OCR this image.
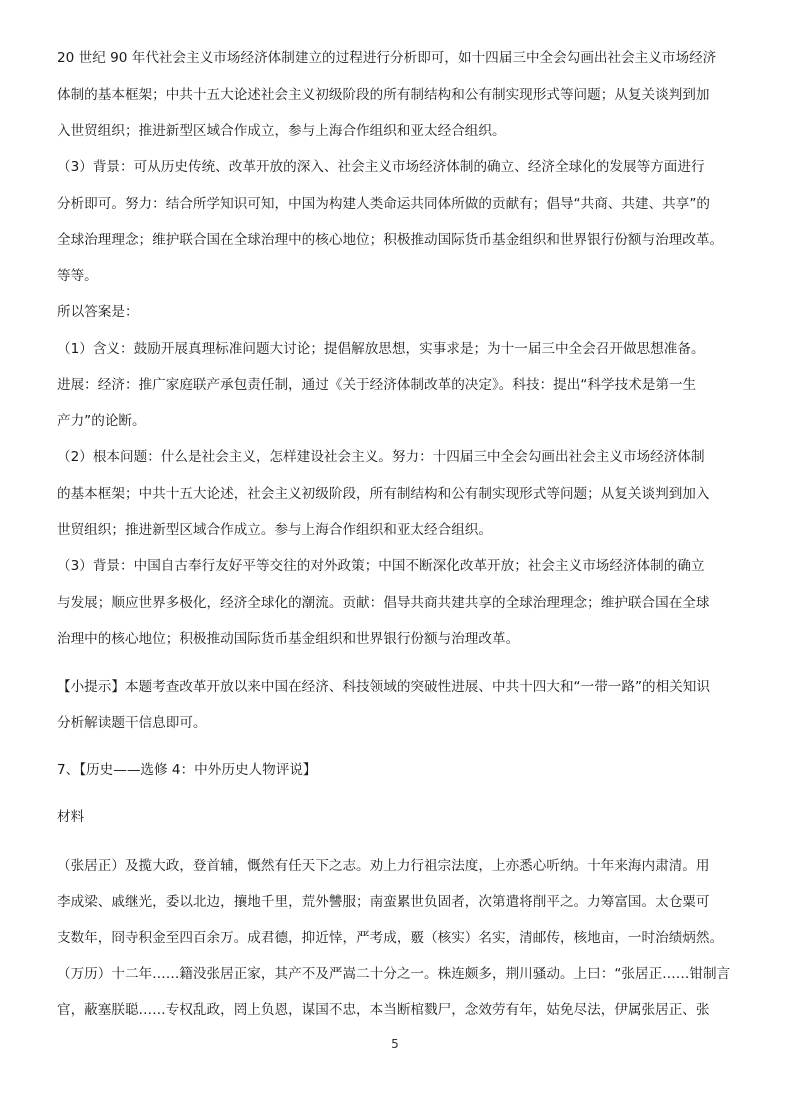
20 世纪 90 年代社会主义市场经济体制建立的过程进行分析即可，如十四届三中全会勾画出社会主义市场经济
体制的基本框架；中共十五大论述社会主义初级阶段的所有制结构和公有制实现形式等问题；从复关谈判到加
入世贸组织；推进新型区域合作成立，参与上海合作组织和亚太经合组织。
（3）背景：可从历史传统、改革开放的深入、社会主义市场经济体制的确立、经济全球化的发展等方面进行
分析即可。努力：结合所学知识可知，中国为构建人类命运共同体所做的贡献有；倡导“共商、共建、共享”的
全球治理理念；维护联合国在全球治理中的核心地位；积极推动国际货币基金组织和世界银行份额与治理改革。
等等。
所以答案是：
（1）含义：鼓励开展真理标准问题大讨论；提倡解放思想，实事求是；为十一届三中全会召开做思想准备。
进展：经济：推广家庭联产承包责任制，通过《关于经济体制改革的决定》。科技：提出“科学技术是第一生
产力”的论断。
（2）根本问题：什么是社会主义，怎样建设社会主义。努力：十四届三中全会勾画出社会主义市场经济体制
的基本框架；中共十五大论述，社会主义初级阶段，所有制结构和公有制实现形式等问题；从复关谈判到加入
世贸组织；推进新型区域合作成立。参与上海合作组织和亚太经合组织。
（3）背景：中国自古奉行友好平等交往的对外政策；中国不断深化改革开放；社会主义市场经济体制的确立
与发展；顺应世界多极化，经济全球化的潮流。贡献：倡导共商共建共享的全球治理理念；维护联合国在全球
治理中的核心地位；积极推动国际货币基金组织和世界银行份额与治理改革。
【小提示】本题考查改革开放以来中国在经济、科技领域的突破性进展、中共十四大和“一带一路”的相关知识
分析解读题干信息即可。
7、【历史——选修 4：中外历史人物评说】
材料
（张居正）及揽大政，登首辅，慨然有任天下之志。劝上力行祖宗法度，上亦悉心听纳。十年来海内肃清。用
李成梁、戚继光，委以北边，攘地千里，荒外讐服；南蛮累世负固者，次第遣将削平之。力筹富国。太仓粟可
支数年，冏寺积金至四百余万。成君德，抑近悻，严考成，覈（核实）名实，清邮传，核地亩，一时治绩炳然。
（万历）十二年……籍没张居正家，其产不及严嵩二十分之一。株连颇多，荆川骚动。上曰：“张居正……钳制言
官，蔽塞朕聪……专权乱政，罔上负恩，谋国不忠，本当断棺戮尸，念效劳有年，姑免尽法，伊属张居正、张
5
